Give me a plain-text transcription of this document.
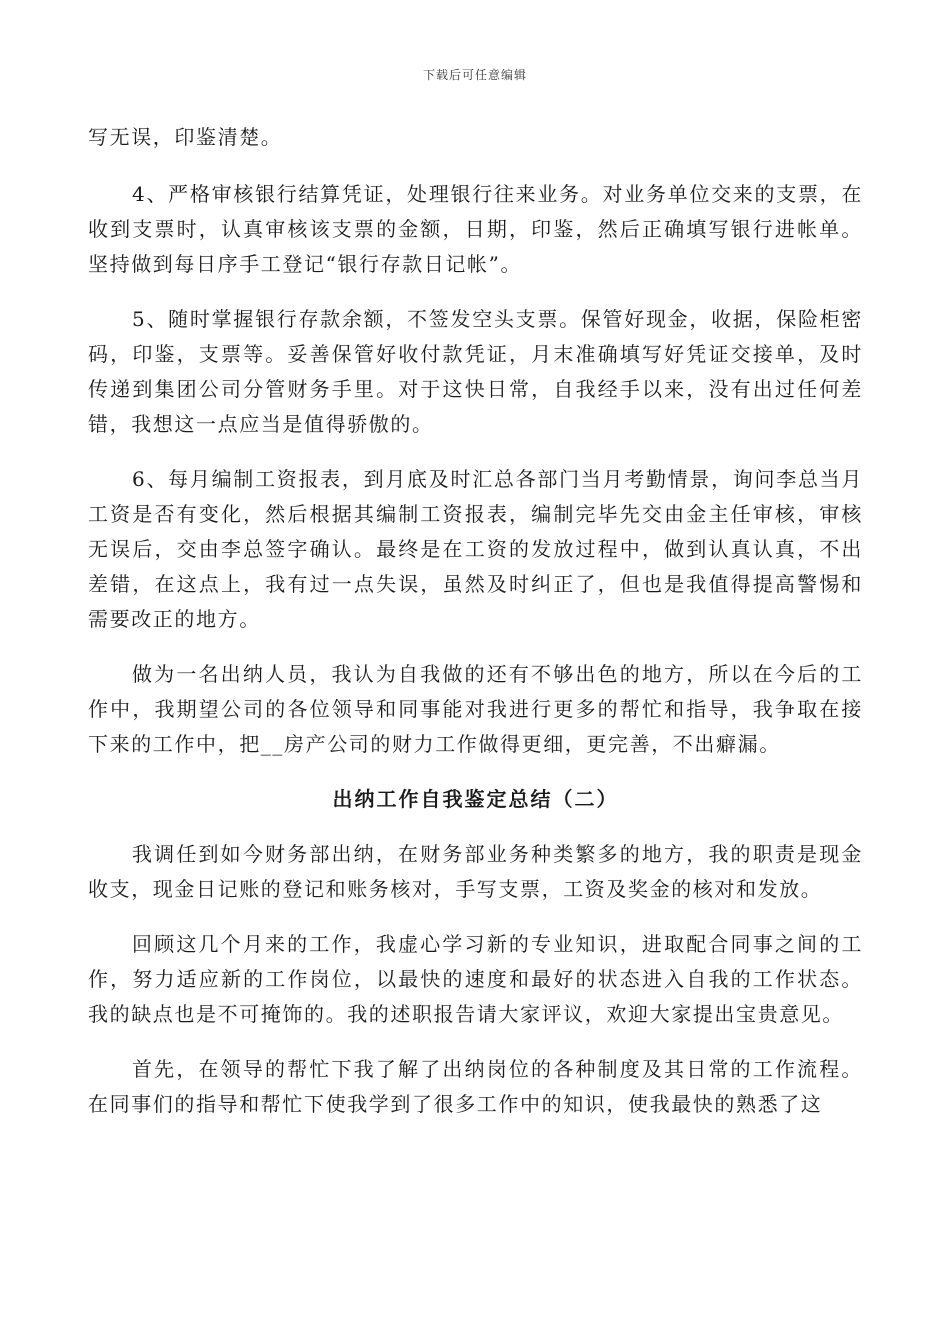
下载后可任意编辑

写无误，印鉴清楚。

4、严格审核银行结算凭证，处理银行往来业务。对业务单位交来的支票，在收到支票时，认真审核该支票的金额，日期，印鉴，然后正确填写银行进帐单。坚持做到每日序手工登记“银行存款日记帐”。

5、随时掌握银行存款余额，不签发空头支票。保管好现金，收据，保险柜密码，印鉴，支票等。妥善保管好收付款凭证，月末准确填写好凭证交接单，及时传递到集团公司分管财务手里。对于这快日常，自我经手以来，没有出过任何差错，我想这一点应当是值得骄傲的。

6、每月编制工资报表，到月底及时汇总各部门当月考勤情景，询问李总当月工资是否有变化，然后根据其编制工资报表，编制完毕先交由金主任审核，审核无误后，交由李总签字确认。最终是在工资的发放过程中，做到认真认真，不出差错，在这点上，我有过一点失误，虽然及时纠正了，但也是我值得提高警惕和需要改正的地方。

做为一名出纳人员，我认为自我做的还有不够出色的地方，所以在今后的工作中，我期望公司的各位领导和同事能对我进行更多的帮忙和指导，我争取在接下来的工作中，把__房产公司的财力工作做得更细，更完善，不出癖漏。

出纳工作自我鉴定总结（二）

我调任到如今财务部出纳，在财务部业务种类繁多的地方，我的职责是现金收支，现金日记账的登记和账务核对，手写支票，工资及奖金的核对和发放。

回顾这几个月来的工作，我虚心学习新的专业知识，进取配合同事之间的工作，努力适应新的工作岗位，以最快的速度和最好的状态进入自我的工作状态。我的缺点也是不可掩饰的。我的述职报告请大家评议，欢迎大家提出宝贵意见。

首先，在领导的帮忙下我了解了出纳岗位的各种制度及其日常的工作流程。在同事们的指导和帮忙下使我学到了很多工作中的知识，使我最快的熟悉了这
